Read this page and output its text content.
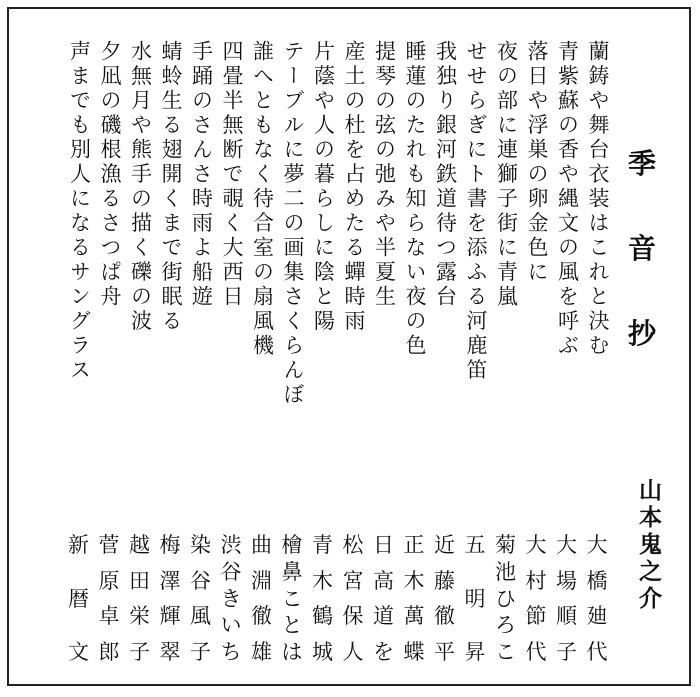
季
音
抄
山本鬼之介
蘭鋳や舞台衣装はこれと決む
青紫蘇の香や縄文の風を呼ぶ
落日や浮巣の卵金色に
夜の部に連獅子街に青嵐
せせらぎにト書を添ふる河鹿笛
我独り銀河鉄道待つ露台
睡蓮のたれも知らない夜の色
提琴の弦の弛みや半夏生
産土の杜を占めたる蟬時雨
片蔭や人の暮らしに陰と陽
テーブルに夢二の画集さくらんぼ
誰へともなく待合室の扇風機
四畳半無断で覗く大西日
手踊のさんさ時雨よ船遊
蜻蛉生る翅開くまで街眠る
水無月や熊手の描く礫の波
夕凪の磯根漁るさつぱ舟
声までも別人になるサングラス
大
橋
廸
代
大
場
順
子
大
村
節
代
菊
池
ひ
ろ
こ
五
明
昇
近
藤
徹
平
正
木
萬
蝶
日
高
道
を
松
宮
保
人
青
木
鶴
城
檜
鼻
こ
と
は
曲
淵
徹
雄
渋
谷
き
い
ち
染
谷
風
子
梅
澤
輝
翠
越
田
栄
子
菅
原
卓
郎
新
暦
文
